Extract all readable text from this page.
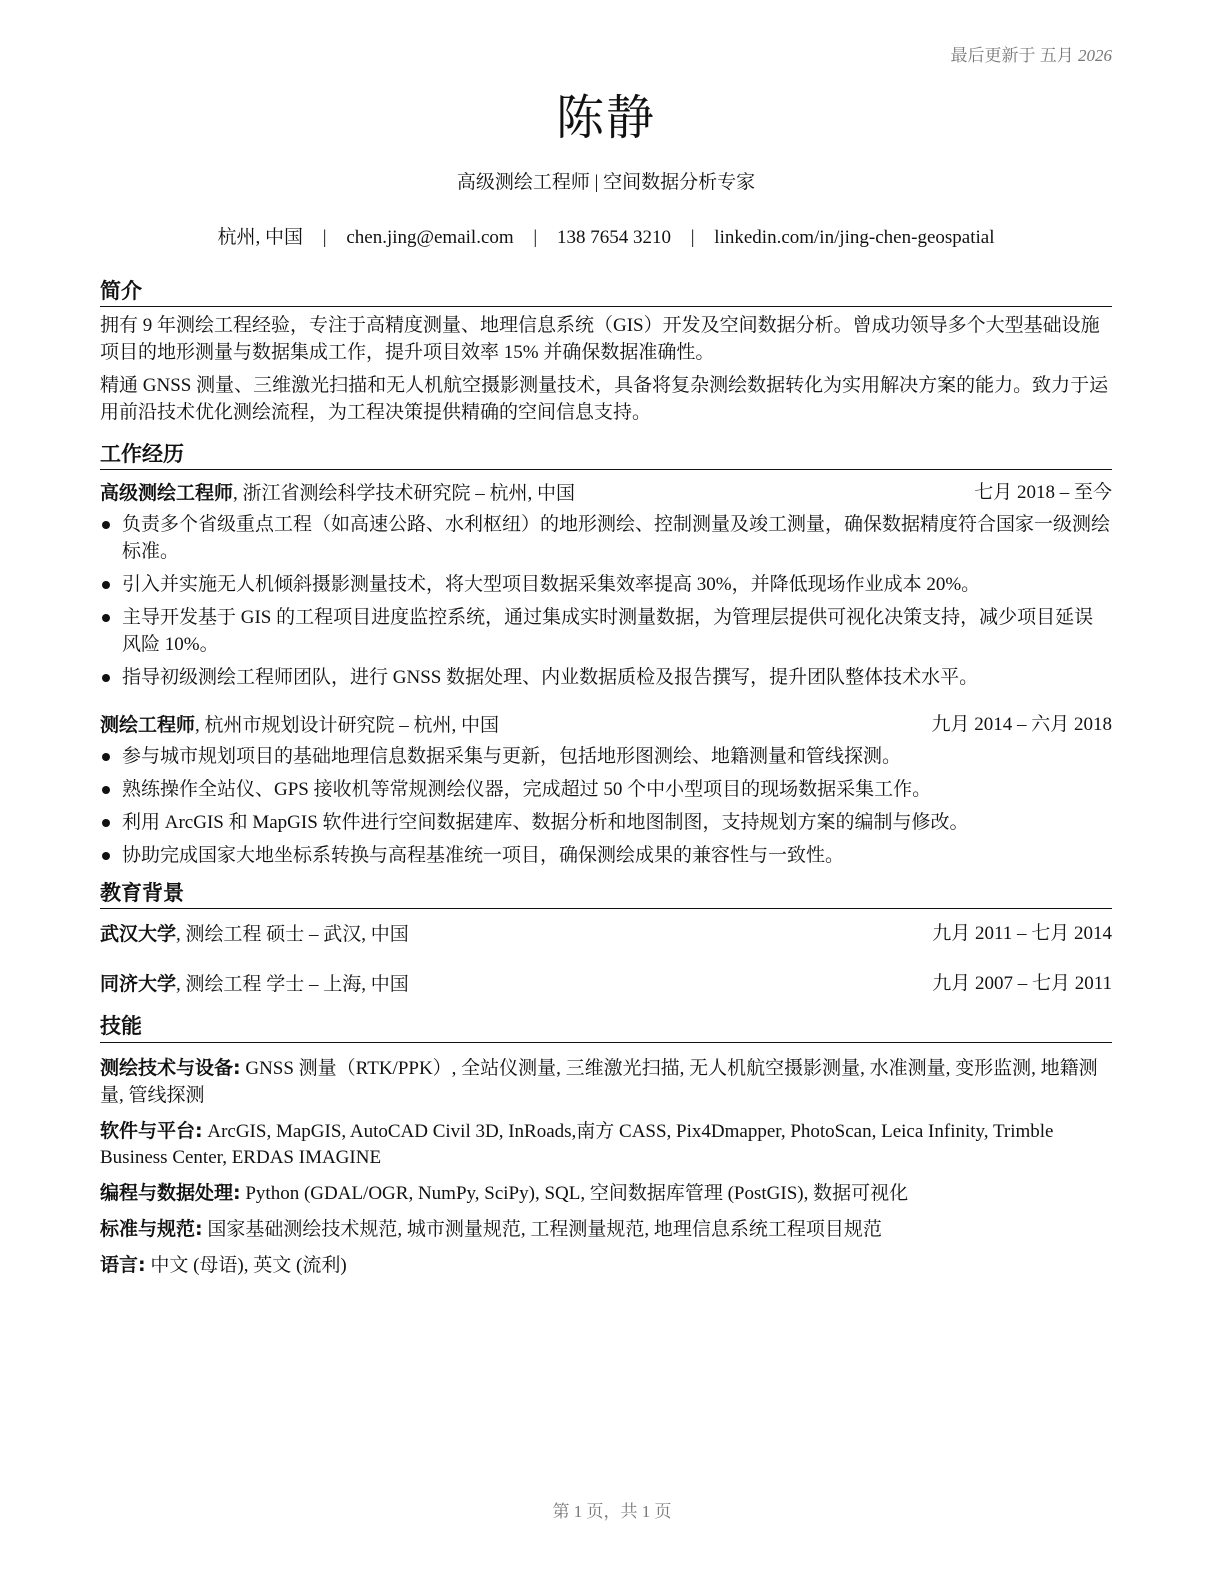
最后更新于 五月 2026
陈静
高级测绘工程师 | 空间数据分析专家
杭州, 中国 | chen.jing@email.com | 138 7654 3210 | linkedin.com/in/jing-chen-geospatial
简介

拥有 9 年测绘工程经验，专注于高精度测量、地理信息系统（GIS）开发及空间数据分析。曾成功领导多个大型基础设施项目的地形测量与数据集成工作，提升项目效率 15% 并确保数据准确性。

精通 GNSS 测量、三维激光扫描和无人机航空摄影测量技术，具备将复杂测绘数据转化为实用解决方案的能力。致力于运用前沿技术优化测绘流程，为工程决策提供精确的空间信息支持。

工作经历
高级测绘工程师, 浙江省测绘科学技术研究院 – 杭州, 中国	七月 2018 – 至今
负责多个省级重点工程（如高速公路、水利枢纽）的地形测绘、控制测量及竣工测量，确保数据精度符合国家一级测绘标准。
引入并实施无人机倾斜摄影测量技术，将大型项目数据采集效率提高 30%，并降低现场作业成本 20%。
主导开发基于 GIS 的工程项目进度监控系统，通过集成实时测量数据，为管理层提供可视化决策支持，减少项目延误风险 10%。
指导初级测绘工程师团队，进行 GNSS 数据处理、内业数据质检及报告撰写，提升团队整体技术水平。
测绘工程师, 杭州市规划设计研究院 – 杭州, 中国	九月 2014 – 六月 2018
参与城市规划项目的基础地理信息数据采集与更新，包括地形图测绘、地籍测量和管线探测。
熟练操作全站仪、GPS 接收机等常规测绘仪器，完成超过 50 个中小型项目的现场数据采集工作。
利用 ArcGIS 和 MapGIS 软件进行空间数据建库、数据分析和地图制图，支持规划方案的编制与修改。
协助完成国家大地坐标系转换与高程基准统一项目，确保测绘成果的兼容性与一致性。
教育背景
武汉大学, 测绘工程 硕士 – 武汉, 中国	九月 2011 – 七月 2014
同济大学, 测绘工程 学士 – 上海, 中国	九月 2007 – 七月 2011
技能
测绘技术与设备: GNSS 测量（RTK/PPK）, 全站仪测量, 三维激光扫描, 无人机航空摄影测量, 水准测量, 变形监测, 地籍测量, 管线探测
软件与平台: ArcGIS, MapGIS, AutoCAD Civil 3D, InRoads,南方 CASS, Pix4Dmapper, PhotoScan, Leica Infinity, Trimble Business Center, ERDAS IMAGINE
编程与数据处理: Python (GDAL/OGR, NumPy, SciPy), SQL, 空间数据库管理 (PostGIS), 数据可视化
标准与规范: 国家基础测绘技术规范, 城市测量规范, 工程测量规范, 地理信息系统工程项目规范
语言: 中文 (母语), 英文 (流利)
第 1 页，共 1 页
